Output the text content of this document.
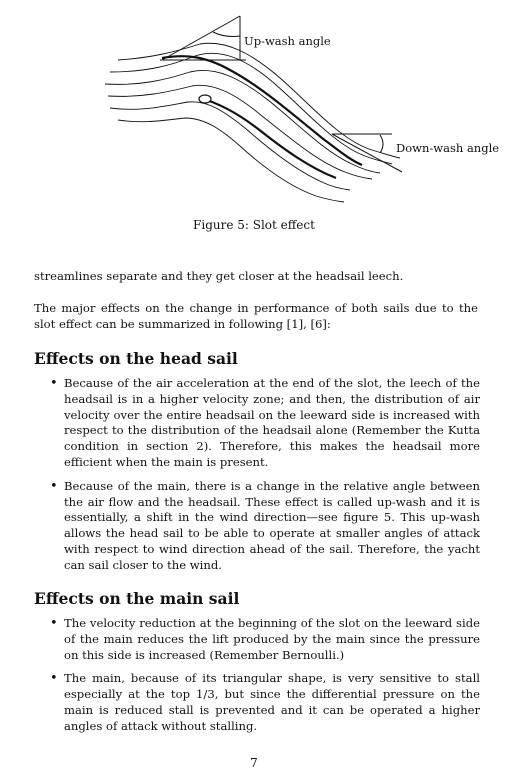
Up-wash angle
Down-wash angle
Figure 5: Slot effect

streamlines separate and they get closer at the headsail leech.

The major effects on the change in performance of both sails due to the slot effect can be summarized in following [1], [6]:

Effects on the head sail
• Because of the air acceleration at the end of the slot, the leech of the headsail is in a higher velocity zone; and then, the distribution of air velocity over the entire headsail on the leeward side is increased with respect to the distribution of the headsail alone (Remember the Kutta condition in section 2). Therefore, this makes the headsail more efficient when the main is present.
• Because of the main, there is a change in the relative angle between the air flow and the headsail. These effect is called up-wash and it is essentially, a shift in the wind direction—see figure 5. This up-wash allows the head sail to be able to operate at smaller angles of attack with respect to wind direction ahead of the sail. Therefore, the yacht can sail closer to the wind.
Effects on the main sail
• The velocity reduction at the beginning of the slot on the leeward side of the main reduces the lift produced by the main since the pressure on this side is increased (Remember Bernoulli.)
• The main, because of its triangular shape, is very sensitive to stall especially at the top 1/3, but since the differential pressure on the main is reduced stall is prevented and it can be operated a higher angles of attack without stalling.
7
